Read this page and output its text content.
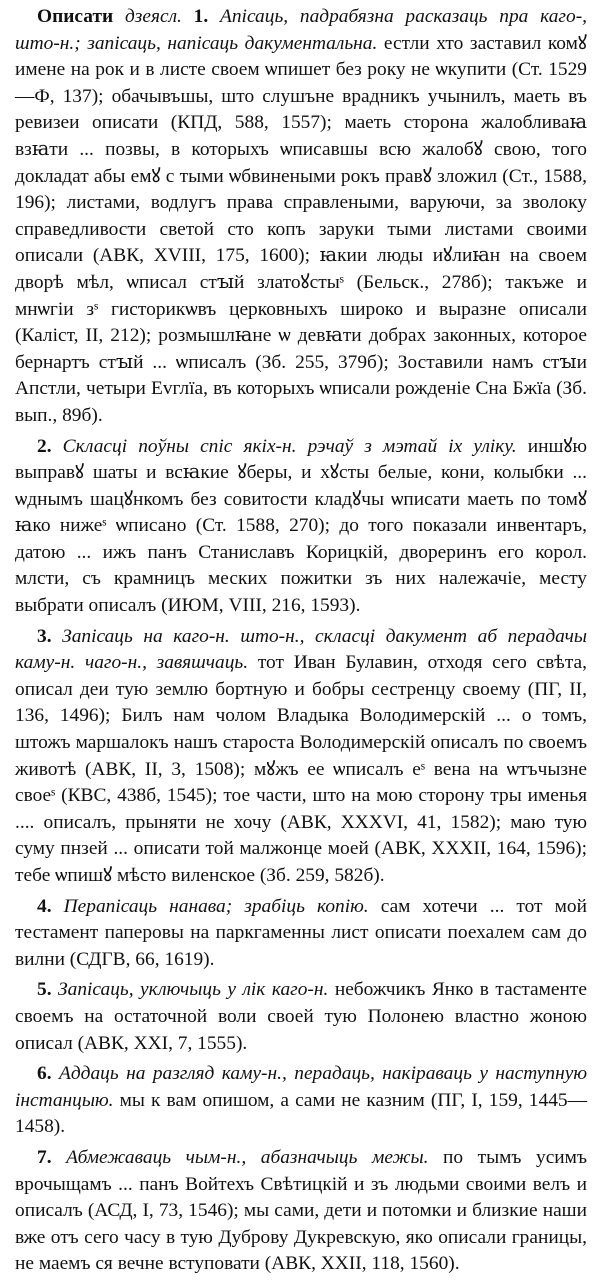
Описати дзеясл. 1. Апісаць, падрабязна расказаць пра каго-, што-н.; запісаць, напісаць дакументальна. естли хто заставил комꙋ имене на рок и в листе своем ѡпишет без року не ѡкупити (Ст. 1529—Ф, 137); обачывъшы, што слушъне врадникъ учынилъ, маеть въ ревизеи описати (КПД, 588, 1557); маеть сторона жалобливаꙗ взꙗти ... позвы, в которыхъ ѡписавшы всю жалобꙋ свою, того докладат абы емꙋ с тыми ѡбвинеными рокъ правꙋ зложил (Ст., 1588, 196); листами, водлугъ права справлеными, варуючи, за зволоку справедливости светой сто копъ заруки тыми листами своими описали (АВК, XVIII, 175, 1600); ꙗкии люды иꙋлиꙗн на своем дворѣ мѣл, ѡписал стꙑй златоꙋстыˢ (Бельск., 278б); такъже и мнѡгіи зˢ гисторикѡвъ церковныхъ широко и выразне описали (Каліст, II, 212); розмышлꙗне ѡ девꙗти добрах законных, которое бернартъ стꙑй ... ѡписалъ (Зб. 255, 379б); Зоставили намъ стꙑи Апстли, четыри Еvглїа, въ которыхъ ѡписали рожденіе Сна Бжїа (Зб. вып., 89б).

2. Скласці поўны спіс якіх-н. рэчаў з мэтай іх уліку. иншꙋю выправꙋ шаты и всꙗкие ꙋберы, и хꙋсты белые, кони, колыбки ... ѡднымъ шацꙋнкомъ без совитости кладꙋчы ѡписати маеть по томꙋ ꙗко нижеˢ ѡписано (Ст. 1588, 270); до того показали инвентаръ, датою ... ижъ панъ Станиславъ Корицкій, двореринъ его корол. млсти, съ крамницъ меских пожитки зъ них належачіе, месту выбрати описалъ (ИЮМ, VIII, 216, 1593).

3. Запісаць на каго-н. што-н., скласці дакумент аб перадачы каму-н. чаго-н., завяшчаць. тот Иван Булавин, отходя сего свѣта, описал деи тую землю бортную и бобры сестренцу своему (ПГ, II, 136, 1496); Билъ нам чолом Владыка Володимерскій ... о томъ, штожъ маршалокъ нашъ староста Володимерскій описалъ по своемъ животѣ (АВК, II, 3, 1508); мꙋжъ ее ѡписалъ еˢ вена на ѡтъчызне своеˢ (КВС, 438б, 1545); тое части, што на мою сторону тры именья .... описалъ, прыняти не хочу (АВК, XXXVI, 41, 1582); маю тую суму пнзей ... описати той малжонце моей (АВК, XXXII, 164, 1596); тебе ѡпишꙋ мѣсто виленское (Зб. 259, 582б).

4. Перапісаць нанава; зрабіць копію. сам хотечи ... тот мой тестамент паперовы на паркгаменны лист описати поехалем сам до вилни (СДГВ, 66, 1619).

5. Запісаць, уключыць у лік каго-н. небожчикъ Янко в тастаменте своемъ на остаточной воли своей тую Полонею властно жоною описал (АВК, XXI, 7, 1555).

6. Аддаць на разгляд каму-н., перадаць, накіраваць у наступную інстанцыю. мы к вам опишом, а сами не казним (ПГ, I, 159, 1445—1458).

7. Абмежаваць чым-н., абазначыць межы. по тымъ усимъ врочыщамъ ... панъ Войтехъ Свѣтицкій и зъ людьми своими велъ и описалъ (АСД, I, 73, 1546); мы сами, дети и потомки и близкие наши вже отъ сего часу в тую Дуброву Дукревскую, яко описали границы, не маемъ ся вечне вступовати (АВК, XXII, 118, 1560).
